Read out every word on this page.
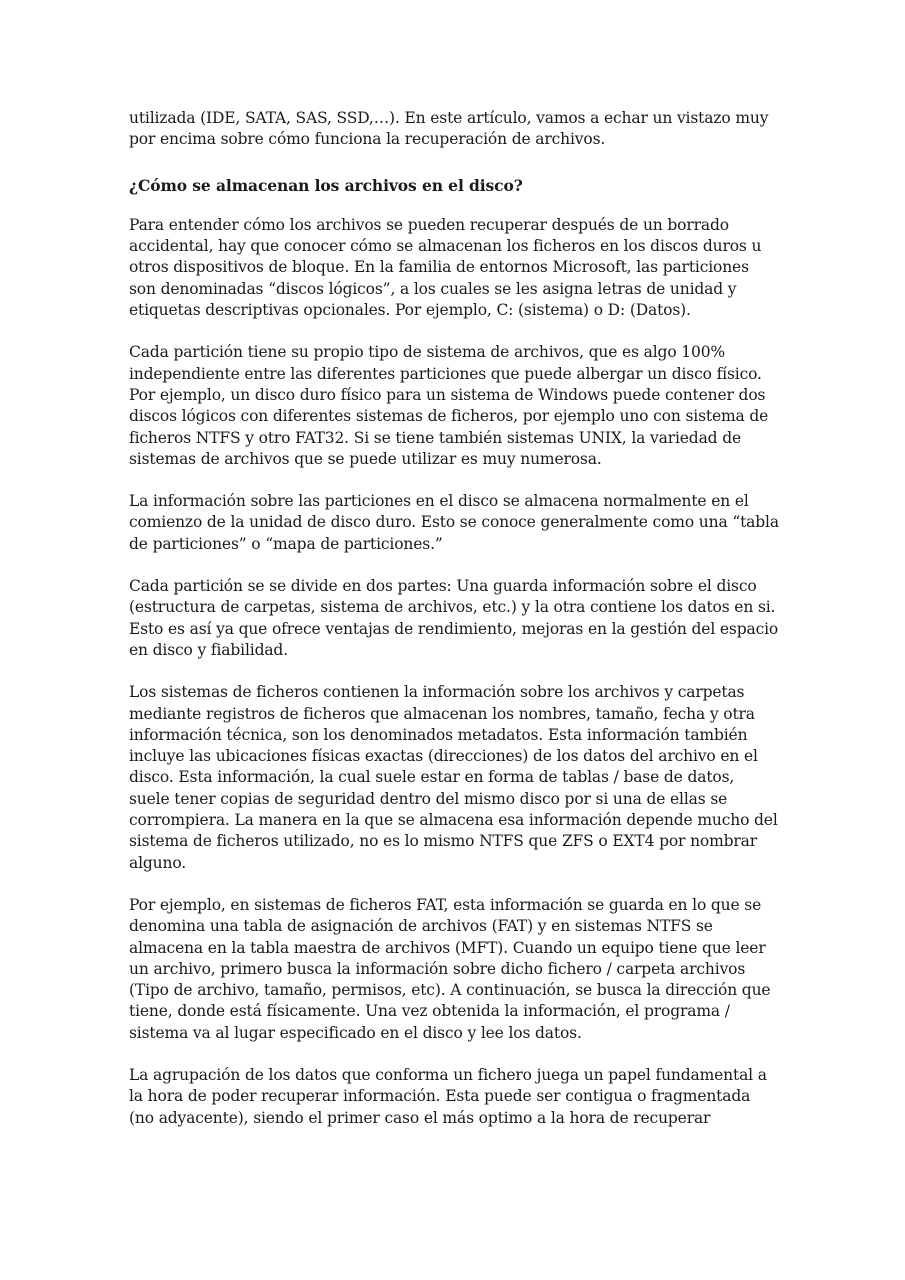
utilizada (IDE, SATA, SAS, SSD,…). En este artículo, vamos a echar un vistazo muy por encima sobre cómo funciona la recuperación de archivos.

¿Cómo se almacenan los archivos en el disco?

Para entender cómo los archivos se pueden recuperar después de un borrado accidental, hay que conocer cómo se almacenan los ficheros en los discos duros u otros dispositivos de bloque. En la familia de entornos Microsoft, las particiones son denominadas “discos lógicos”, a los cuales se les asigna letras de unidad y etiquetas descriptivas opcionales. Por ejemplo, C: (sistema) o D: (Datos).

Cada partición tiene su propio tipo de sistema de archivos, que es algo 100% independiente entre las diferentes particiones que puede albergar un disco físico. Por ejemplo, un disco duro físico para un sistema de Windows puede contener dos discos lógicos con diferentes sistemas de ficheros, por ejemplo uno con sistema de ficheros NTFS y otro FAT32. Si se tiene también sistemas UNIX, la variedad de sistemas de archivos que se puede utilizar es muy numerosa.

La información sobre las particiones en el disco se almacena normalmente en el comienzo de la unidad de disco duro. Esto se conoce generalmente como una “tabla de particiones” o “mapa de particiones.”

Cada partición se se divide en dos partes: Una guarda información sobre el disco (estructura de carpetas, sistema de archivos, etc.) y la otra contiene los datos en si. Esto es así ya que ofrece ventajas de rendimiento, mejoras en la gestión del espacio en disco y fiabilidad.

Los sistemas de ficheros contienen la información sobre los archivos y carpetas mediante registros de ficheros que almacenan los nombres, tamaño, fecha y otra información técnica, son los denominados metadatos. Esta información también incluye las ubicaciones físicas exactas (direcciones) de los datos del archivo en el disco. Esta información, la cual suele estar en forma de tablas / base de datos, suele tener copias de seguridad dentro del mismo disco por si una de ellas se corrompiera. La manera en la que se almacena esa información depende mucho del sistema de ficheros utilizado, no es lo mismo NTFS que ZFS o EXT4 por nombrar alguno.

Por ejemplo, en sistemas de ficheros FAT, esta información se guarda en lo que se denomina una tabla de asignación de archivos (FAT) y en sistemas NTFS se almacena en la tabla maestra de archivos (MFT). Cuando un equipo tiene que leer un archivo, primero busca la información sobre dicho fichero / carpeta archivos (Tipo de archivo, tamaño, permisos, etc). A continuación, se busca la dirección que tiene, donde está físicamente. Una vez obtenida la información, el programa / sistema va al lugar especificado en el disco y lee los datos.

La agrupación de los datos que conforma un fichero juega un papel fundamental a la hora de poder recuperar información. Esta puede ser contigua o fragmentada (no adyacente), siendo el primer caso el más optimo a la hora de recuperar
